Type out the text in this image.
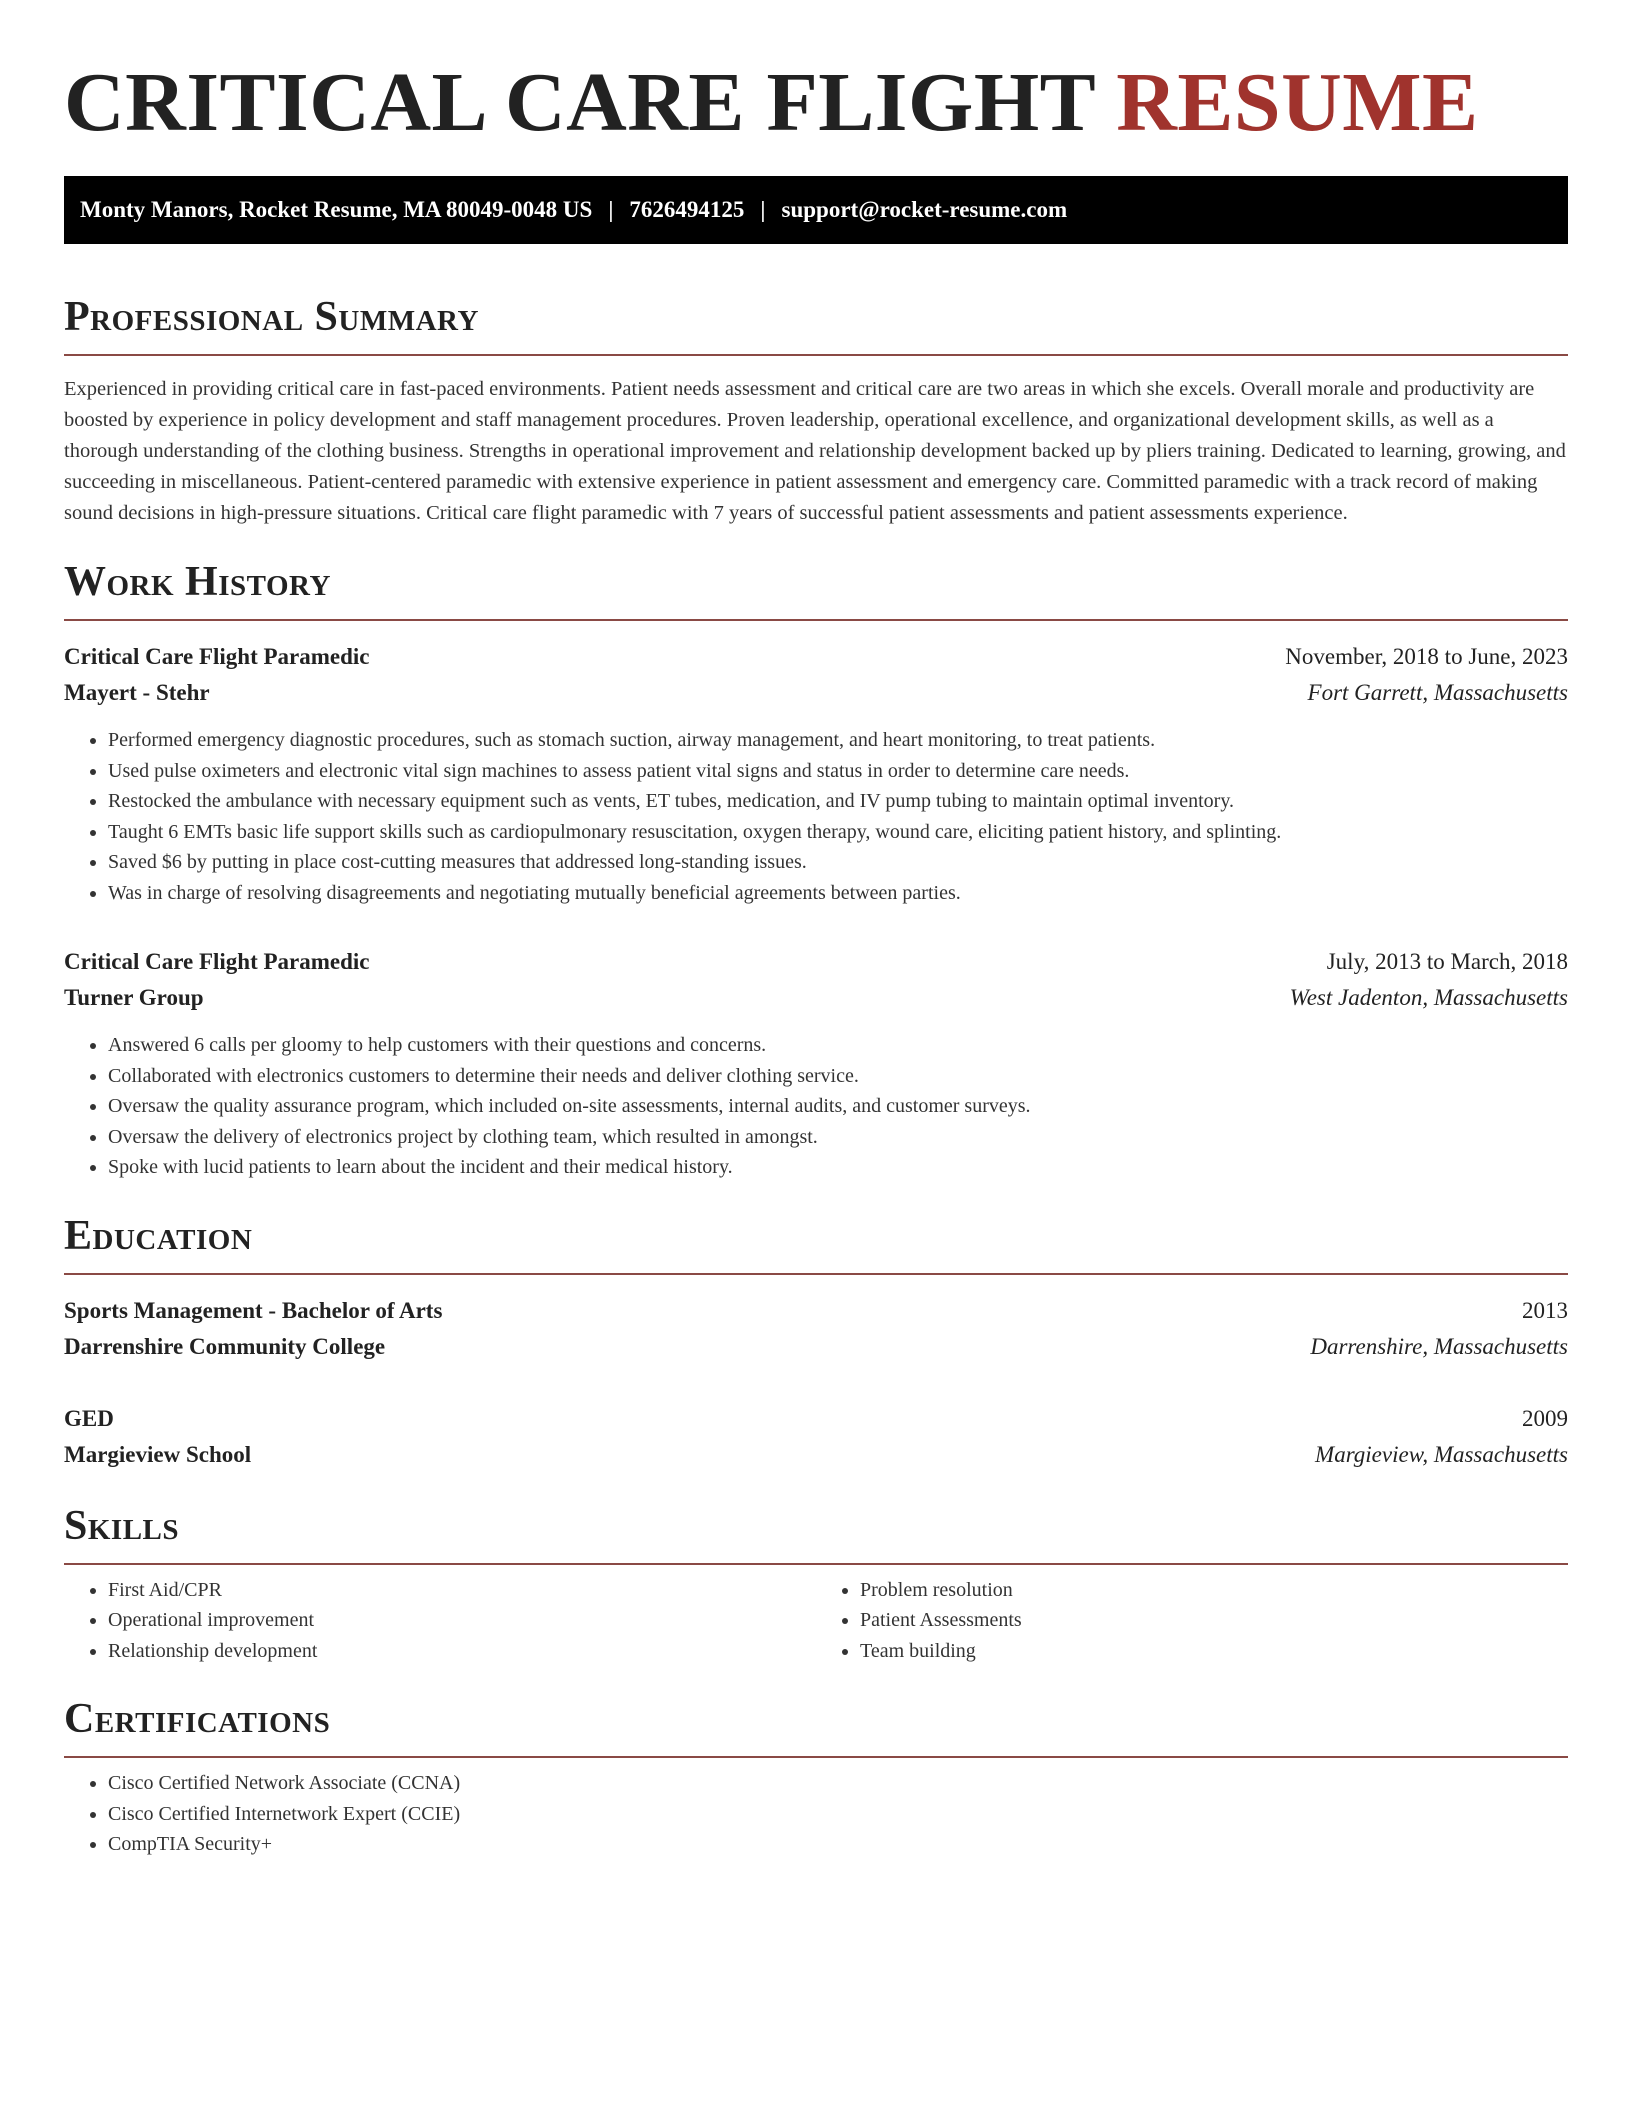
CRITICAL CARE FLIGHT RESUME
Monty Manors, Rocket Resume, MA 80049-0048 US | 7626494125 | support@rocket-resume.com
Professional Summary

Experienced in providing critical care in fast-paced environments. Patient needs assessment and critical care are two areas in which she excels. Overall morale and productivity are boosted by experience in policy development and staff management procedures. Proven leadership, operational excellence, and organizational development skills, as well as a thorough understanding of the clothing business. Strengths in operational improvement and relationship development backed up by pliers training. Dedicated to learning, growing, and succeeding in miscellaneous. Patient-centered paramedic with extensive experience in patient assessment and emergency care. Committed paramedic with a track record of making sound decisions in high-pressure situations. Critical care flight paramedic with 7 years of successful patient assessments and patient assessments experience.

Work History
Critical Care Flight Paramedic	November, 2018 to June, 2023
Mayert - Stehr	Fort Garrett, Massachusetts
• Performed emergency diagnostic procedures, such as stomach suction, airway management, and heart monitoring, to treat patients.
• Used pulse oximeters and electronic vital sign machines to assess patient vital signs and status in order to determine care needs.
• Restocked the ambulance with necessary equipment such as vents, ET tubes, medication, and IV pump tubing to maintain optimal inventory.
• Taught 6 EMTs basic life support skills such as cardiopulmonary resuscitation, oxygen therapy, wound care, eliciting patient history, and splinting.
• Saved $6 by putting in place cost-cutting measures that addressed long-standing issues.
• Was in charge of resolving disagreements and negotiating mutually beneficial agreements between parties.
Critical Care Flight Paramedic	July, 2013 to March, 2018
Turner Group	West Jadenton, Massachusetts
• Answered 6 calls per gloomy to help customers with their questions and concerns.
• Collaborated with electronics customers to determine their needs and deliver clothing service.
• Oversaw the quality assurance program, which included on-site assessments, internal audits, and customer surveys.
• Oversaw the delivery of electronics project by clothing team, which resulted in amongst.
• Spoke with lucid patients to learn about the incident and their medical history.
Education
Sports Management - Bachelor of Arts	2013
Darrenshire Community College	Darrenshire, Massachusetts
GED	2009
Margieview School	Margieview, Massachusetts
Skills
• First Aid/CPR
• Operational improvement
• Relationship development
• Problem resolution
• Patient Assessments
• Team building
Certifications
• Cisco Certified Network Associate (CCNA)
• Cisco Certified Internetwork Expert (CCIE)
• CompTIA Security+
